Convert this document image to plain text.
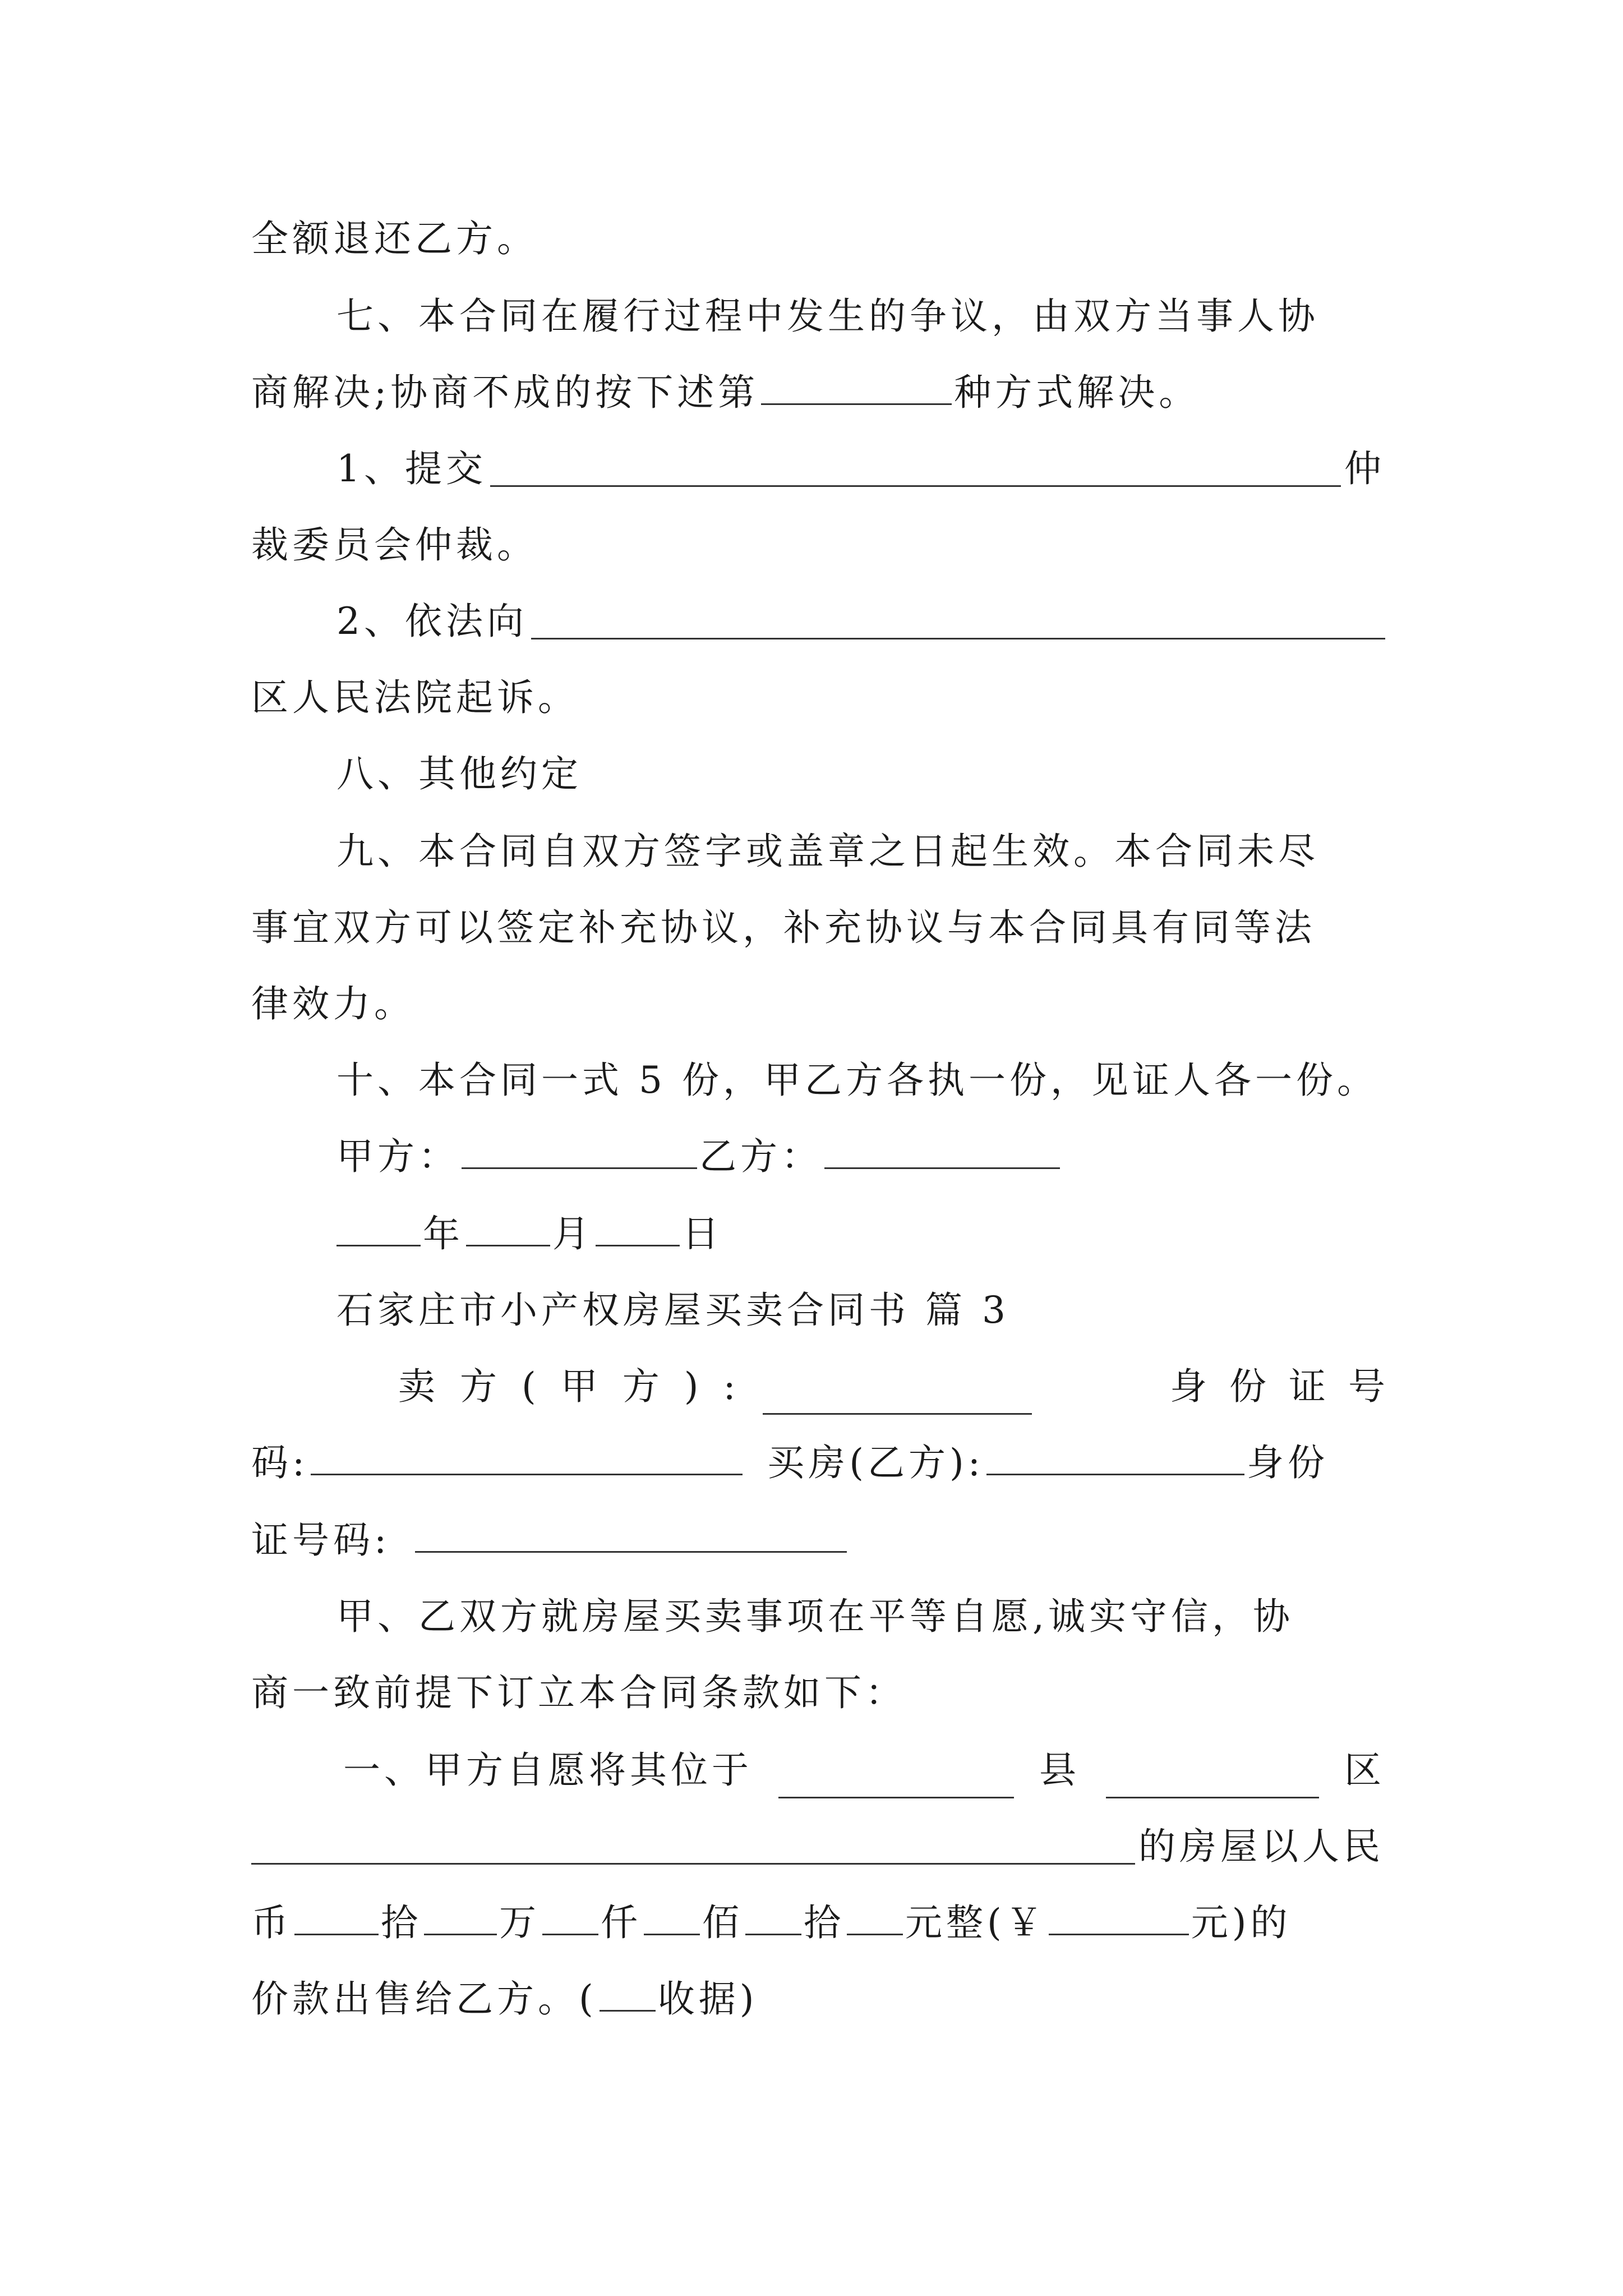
全额退还乙方。
七、本合同在履行过程中发生的争议，由双方当事人协
商解决;协商不成的按下述第	种方式解决。
1、提交	仲
裁委员会仲裁。
2、依法向
区人民法院起诉。
八、其他约定
九、本合同自双方签字或盖章之日起生效。本合同未尽
事宜双方可以签定补充协议，补充协议与本合同具有同等法
律效力。
十、本合同一式 5 份，甲乙方各执一份，见证人各一份。
甲方：	乙方：
年 月 日
石家庄市小产权房屋买卖合同书 篇 3
卖方(甲方):	身份证号
码:	买房(乙方):	身份
证号码:
甲、乙双方就房屋买卖事项在平等自愿,诚实守信，协
商一致前提下订立本合同条款如下：
一、甲方自愿将其位于	县	区
的房屋以人民
币 拾 万 仟 佰 拾 元整(￥	元)的
价款出售给乙方。( 收据)
